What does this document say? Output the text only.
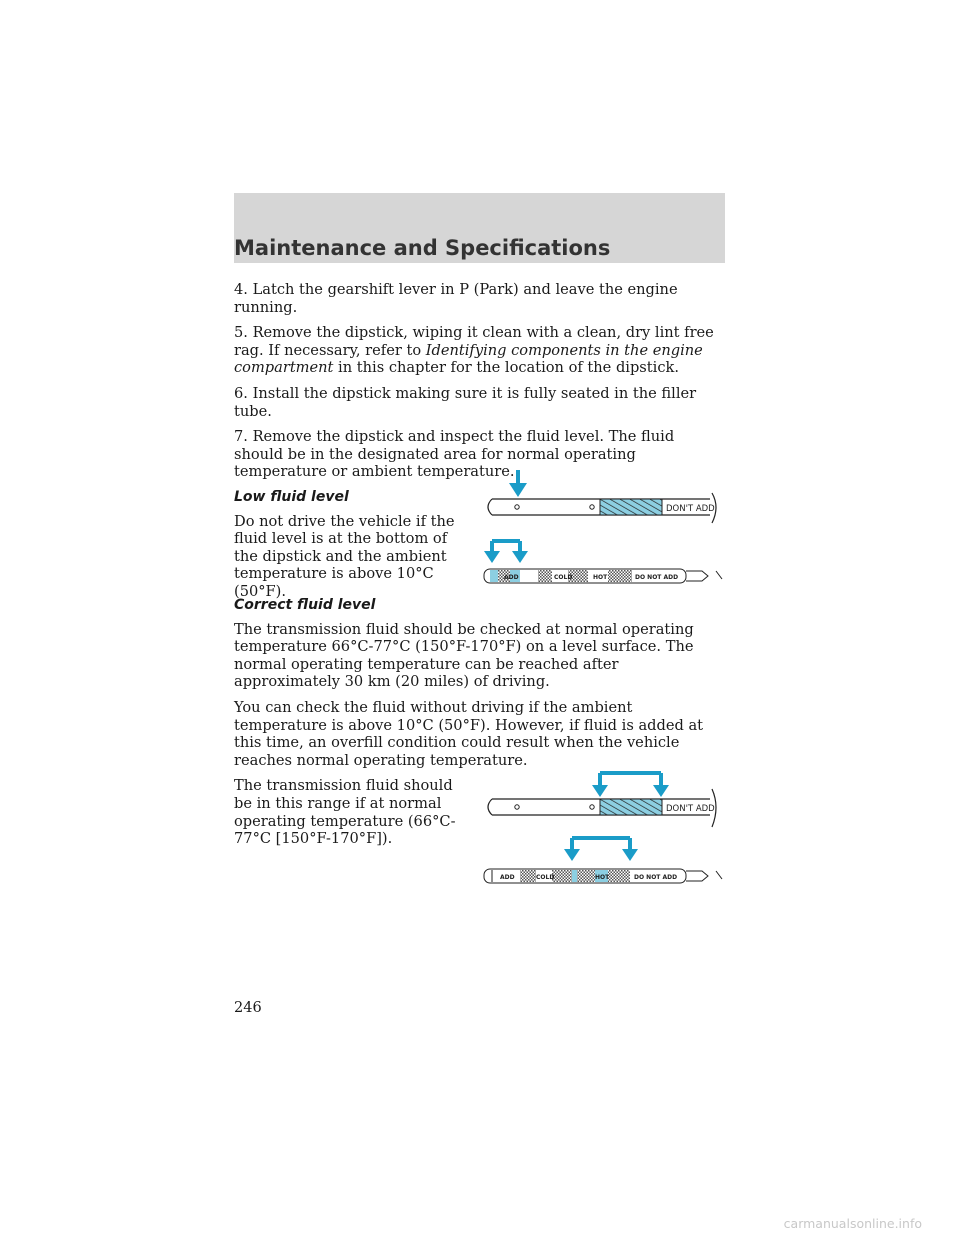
Maintenance and Specifications

4. Latch the gearshift lever in P (Park) and leave the engine running.

5. Remove the dipstick, wiping it clean with a clean, dry lint free rag. If necessary, refer to Identifying components in the engine compartment in this chapter for the location of the dipstick.

6. Install the dipstick making sure it is fully seated in the filler tube.

7. Remove the dipstick and inspect the fluid level. The fluid should be in the designated area for normal operating temperature or ambient temperature.

Low fluid level

Do not drive the vehicle if the fluid level is at the bottom of the dipstick and the ambient temperature is above 10°C (50°F).

Correct fluid level

The transmission fluid should be checked at normal operating temperature 66°C-77°C (150°F-170°F) on a level surface. The normal operating temperature can be reached after approximately 30 km (20 miles) of driving.

You can check the fluid without driving if the ambient temperature is above 10°C (50°F). However, if fluid is added at this time, an overfill condition could result when the vehicle reaches normal operating temperature.

The transmission fluid should be in this range if at normal operating temperature (66°C-77°C [150°F-170°F]).

DON'T ADD
ADD	COLD	HOT	DO NOT ADD
DON'T ADD
ADD	COLD	HOT	DO NOT ADD
246
carmanualsonline.info
